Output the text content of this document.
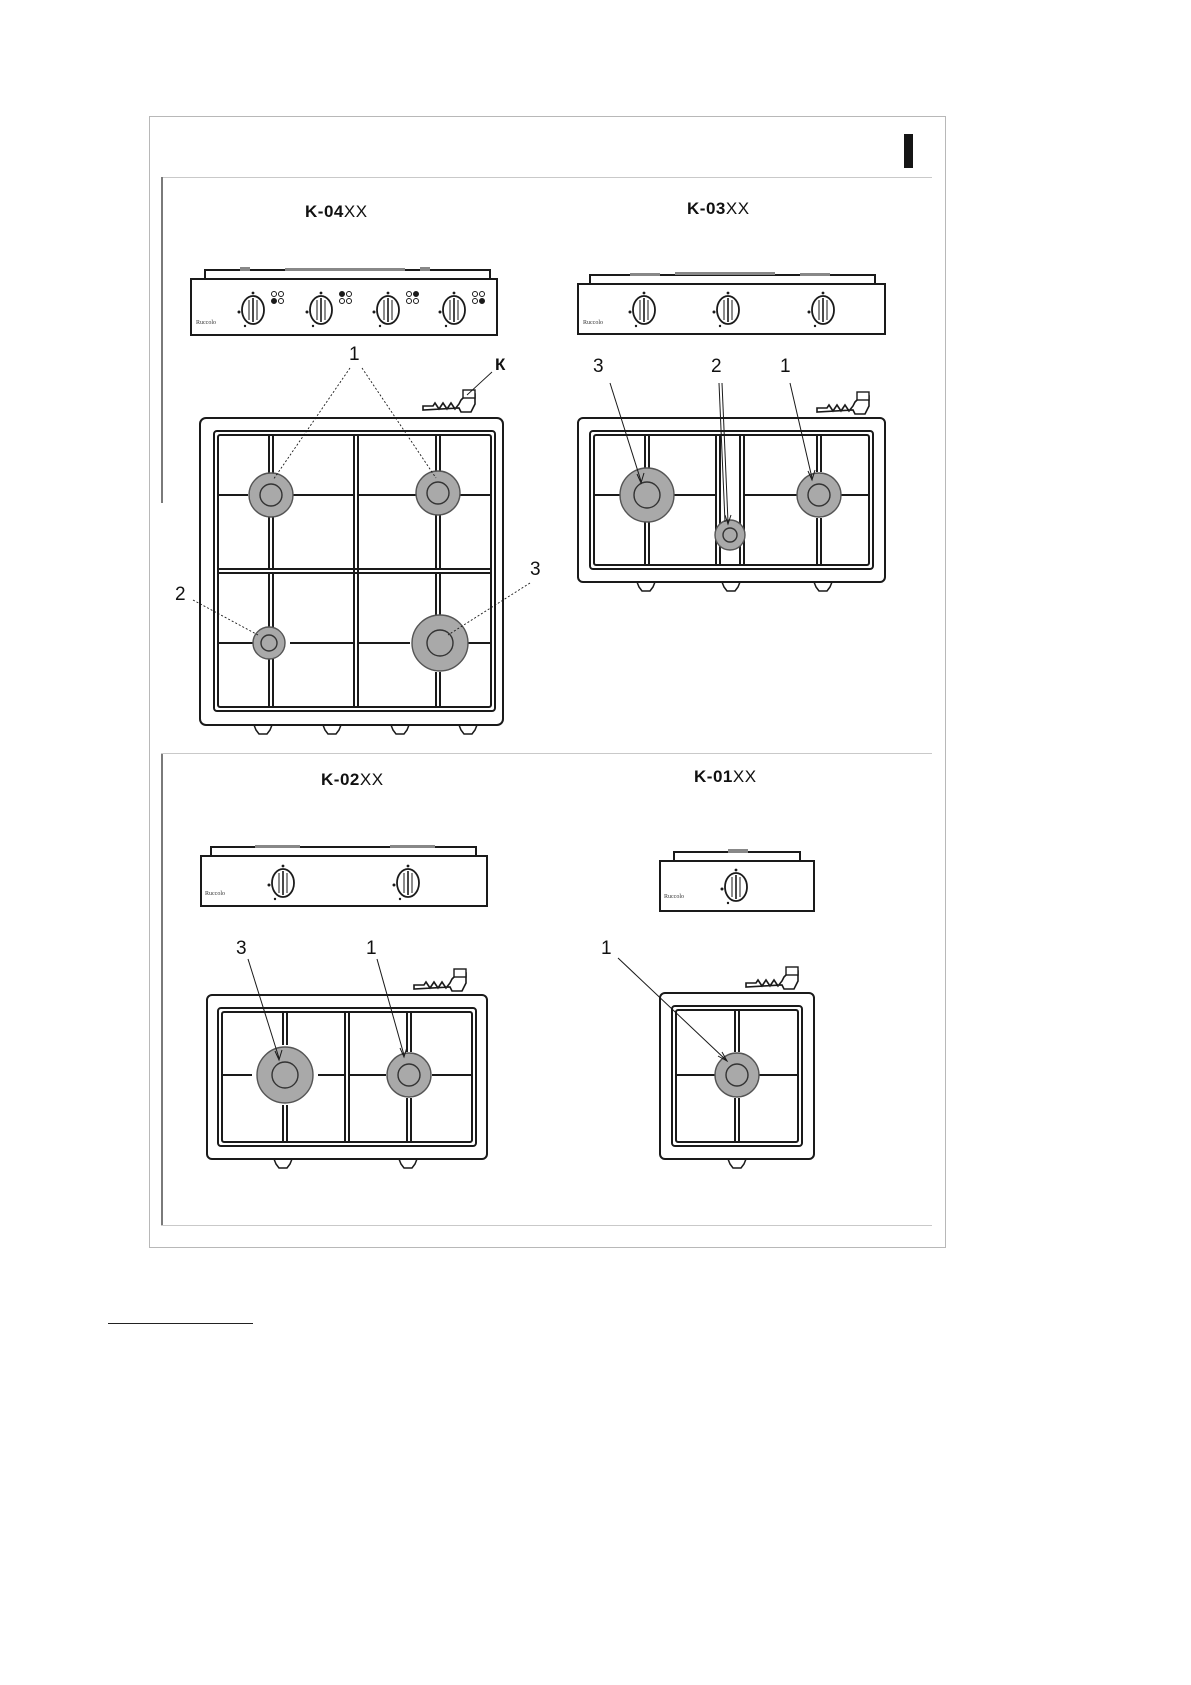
K-04XX	K-03XX
K-02XX	K-01XX
Ruccolo
К
1
2
3
Ruccolo
3	2	1
Ruccolo
3	1
Ruccolo
1
